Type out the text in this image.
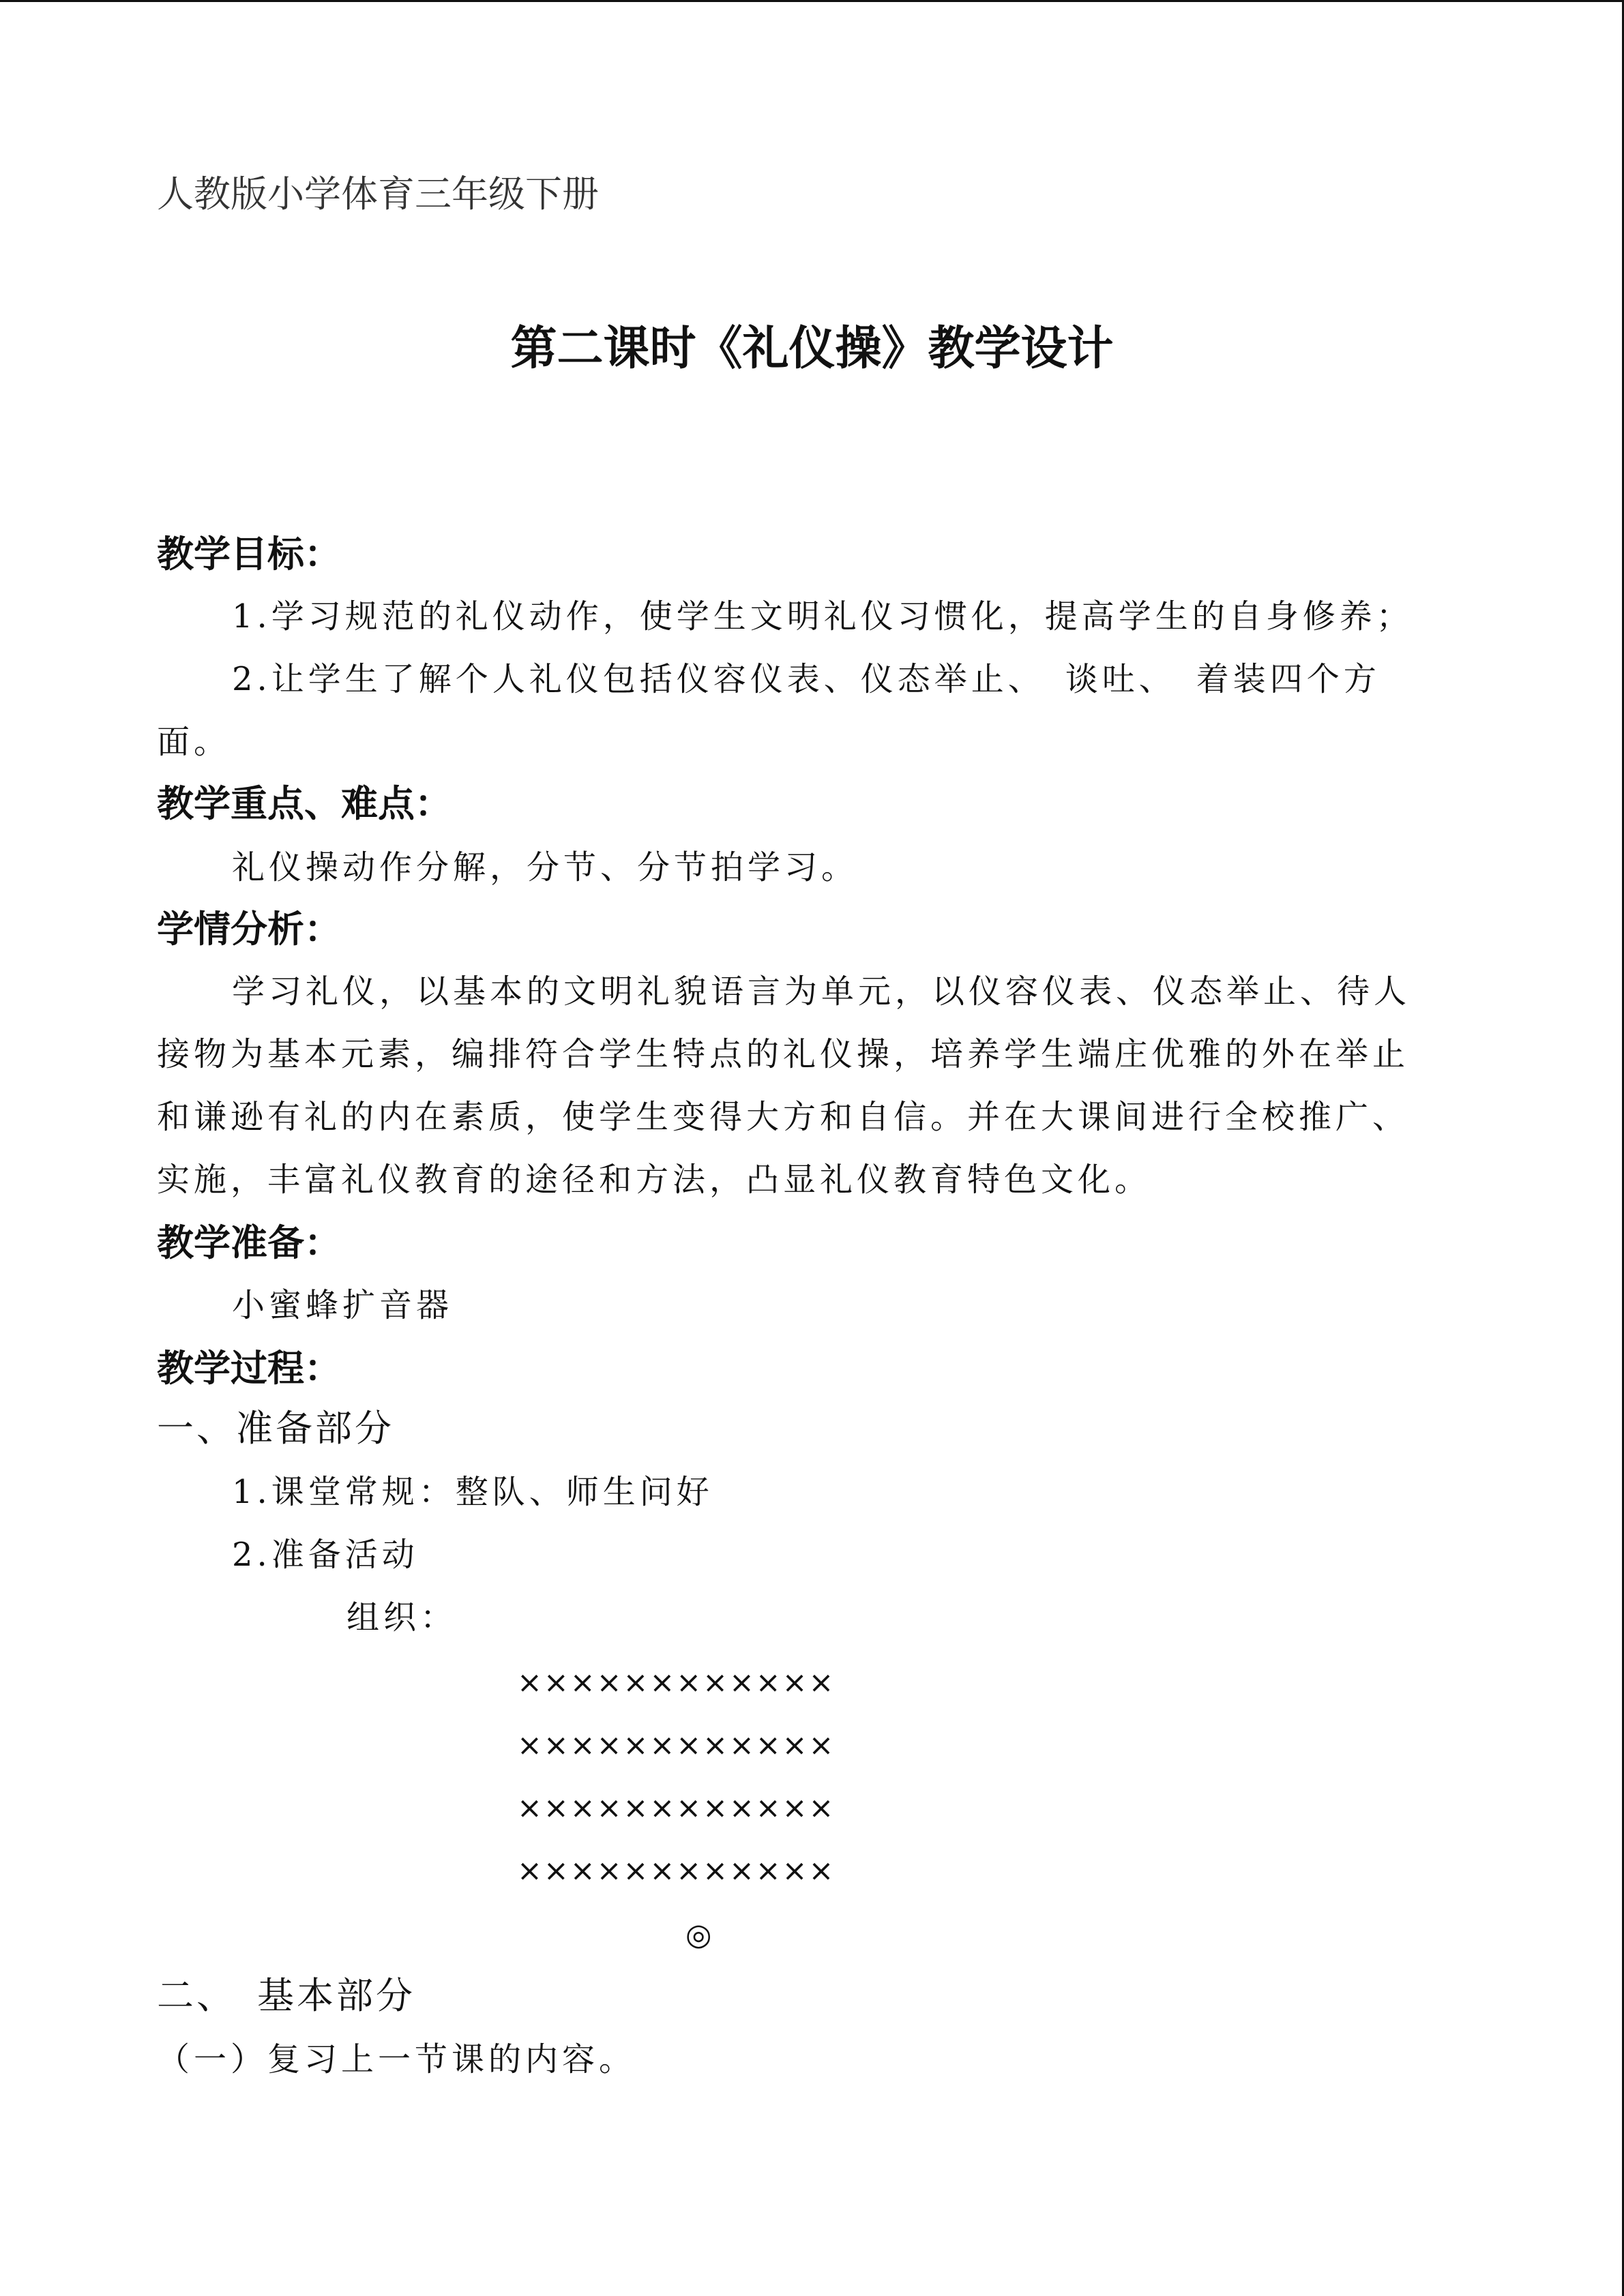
人教版小学体育三年级下册
第二课时《礼仪操》教学设计
教学目标：
1.学习规范的礼仪动作，使学生文明礼仪习惯化，提高学生的自身修养；
2.让学生了解个人礼仪包括仪容仪表、仪态举止、　谈吐、　着装四个方
面。
教学重点、难点：
礼仪操动作分解，分节、分节拍学习。
学情分析：
学习礼仪，以基本的文明礼貌语言为单元，以仪容仪表、仪态举止、待人
接物为基本元素，编排符合学生特点的礼仪操，培养学生端庄优雅的外在举止
和谦逊有礼的内在素质，使学生变得大方和自信。并在大课间进行全校推广、
实施，丰富礼仪教育的途径和方法，凸显礼仪教育特色文化。
教学准备：
小蜜蜂扩音器
教学过程：
一、准备部分
1.课堂常规：整队、师生问好
2.准备活动
组织：
××××××××××××
××××××××××××
××××××××××××
××××××××××××
◎
二、　基本部分
（一）复习上一节课的内容。
